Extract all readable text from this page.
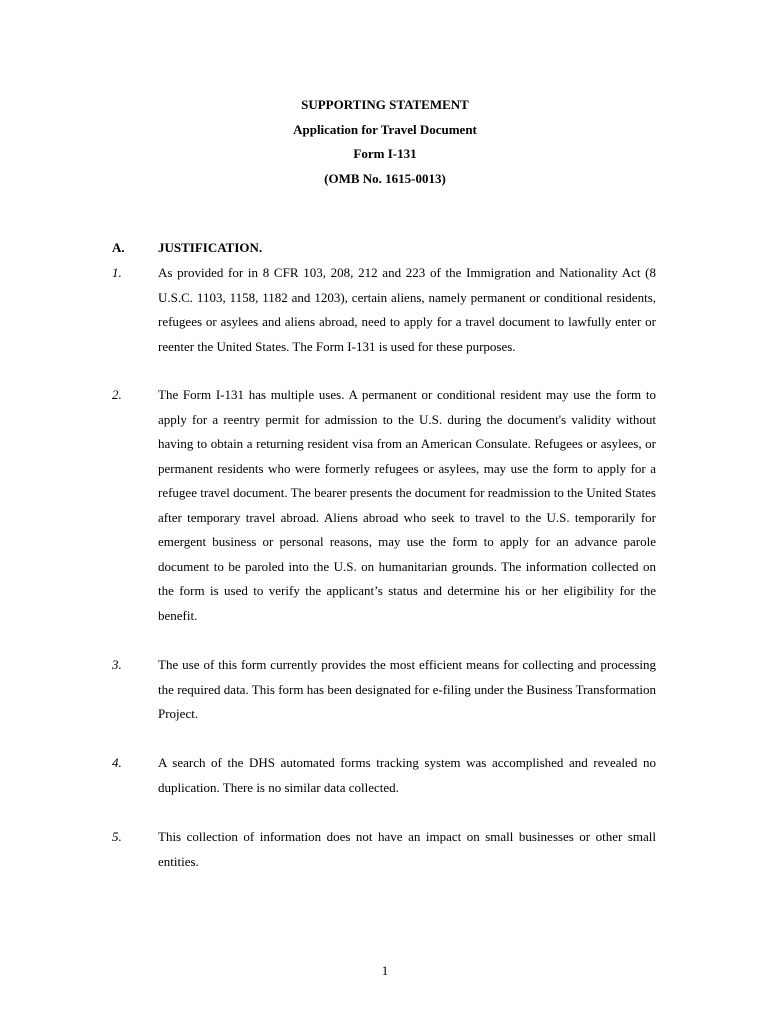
SUPPORTING STATEMENT
Application for Travel Document
Form I-131
(OMB No. 1615-0013)
A.	JUSTIFICATION.
1.	As provided for in 8 CFR 103, 208, 212 and 223 of the Immigration and Nationality Act (8 U.S.C. 1103, 1158, 1182 and 1203), certain aliens, namely permanent or conditional residents, refugees or asylees and aliens abroad, need to apply for a travel document to lawfully enter or reenter the United States. The Form I-131 is used for these purposes.
2.	The Form I-131 has multiple uses. A permanent or conditional resident may use the form to apply for a reentry permit for admission to the U.S. during the document's validity without having to obtain a returning resident visa from an American Consulate. Refugees or asylees, or permanent residents who were formerly refugees or asylees, may use the form to apply for a refugee travel document. The bearer presents the document for readmission to the United States after temporary travel abroad. Aliens abroad who seek to travel to the U.S. temporarily for emergent business or personal reasons, may use the form to apply for an advance parole document to be paroled into the U.S. on humanitarian grounds. The information collected on the form is used to verify the applicant’s status and determine his or her eligibility for the benefit.
3.	The use of this form currently provides the most efficient means for collecting and processing the required data. This form has been designated for e-filing under the Business Transformation Project.
4.	A search of the DHS automated forms tracking system was accomplished and revealed no duplication. There is no similar data collected.
5.	This collection of information does not have an impact on small businesses or other small entities.
1
